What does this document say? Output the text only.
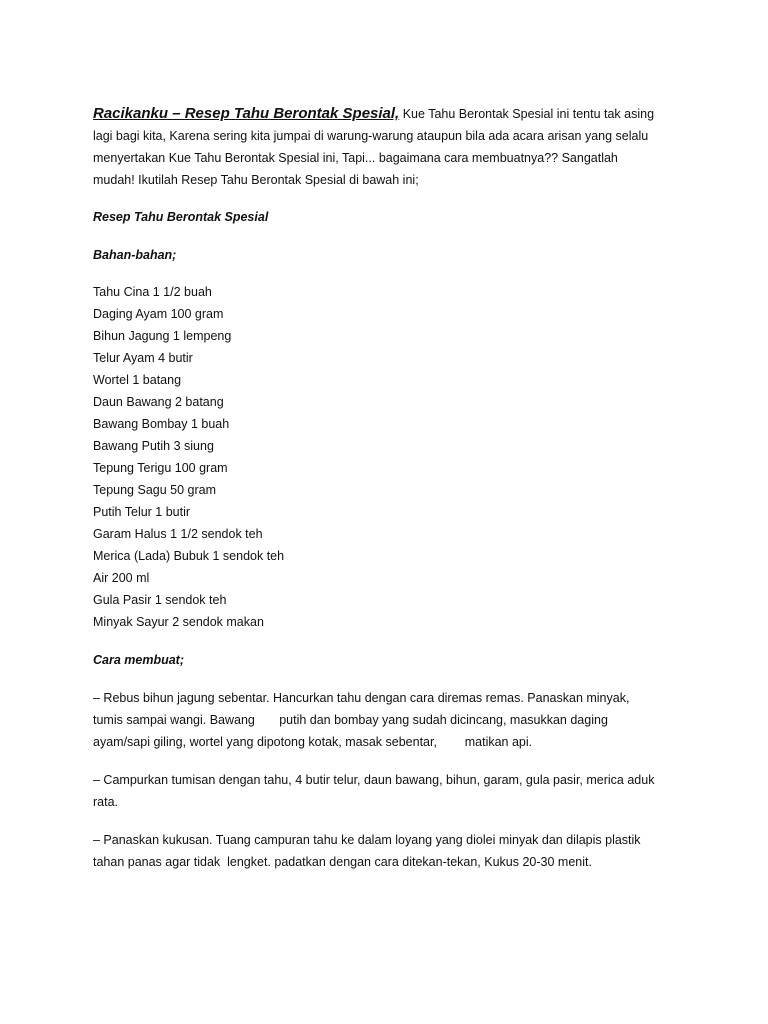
Racikanku – Resep Tahu Berontak Spesial, Kue Tahu Berontak Spesial ini tentu tak asing
lagi bagi kita, Karena sering kita jumpai di warung-warung ataupun bila ada acara arisan yang selalu
menyertakan Kue Tahu Berontak Spesial ini, Tapi... bagaimana cara membuatnya?? Sangatlah
mudah! Ikutilah Resep Tahu Berontak Spesial di bawah ini;

Resep Tahu Berontak Spesial

Bahan-bahan;

Tahu Cina 1 1/2 buah
Daging Ayam 100 gram
Bihun Jagung 1 lempeng
Telur Ayam 4 butir
Wortel 1 batang
Daun Bawang 2 batang
Bawang Bombay 1 buah
Bawang Putih 3 siung
Tepung Terigu 100 gram
Tepung Sagu 50 gram
Putih Telur 1 butir
Garam Halus 1 1/2 sendok teh
Merica (Lada) Bubuk 1 sendok teh
Air 200 ml
Gula Pasir 1 sendok teh
Minyak Sayur 2 sendok makan

Cara membuat;

– Rebus bihun jagung sebentar. Hancurkan tahu dengan cara diremas remas. Panaskan minyak,
tumis sampai wangi. Bawang       putih dan bombay yang sudah dicincang, masukkan daging
ayam/sapi giling, wortel yang dipotong kotak, masak sebentar,        matikan api.

– Campurkan tumisan dengan tahu, 4 butir telur, daun bawang, bihun, garam, gula pasir, merica aduk
rata.

– Panaskan kukusan. Tuang campuran tahu ke dalam loyang yang diolei minyak dan dilapis plastik
tahan panas agar tidak  lengket. padatkan dengan cara ditekan-tekan, Kukus 20-30 menit.
